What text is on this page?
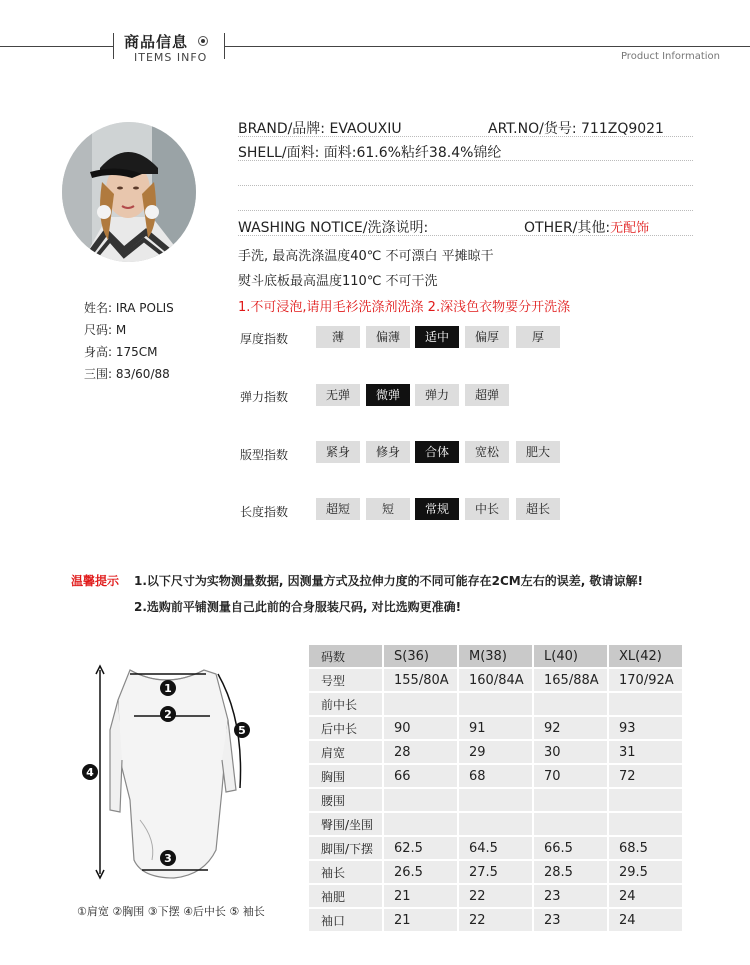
商品信息
ITEMS INFO	Product Information
姓名: IRA POLIS
尺码: M
身高: 175CM
三围: 83/60/88
BRAND/品牌: EVAOUXIU	ART.NO/货号: 711ZQ9021
SHELL/面料: 面料:61.6%粘纤38.4%锦纶
WASHING NOTICE/洗涤说明:	OTHER/其他:无配饰
手洗, 最高洗涤温度40℃ 不可漂白 平摊晾干
熨斗底板最高温度110℃ 不可干洗
1.不可浸泡,请用毛衫洗涤剂洗涤 2.深浅色衣物要分开洗涤
厚度指数	薄	偏薄	适中	偏厚	厚
弹力指数	无弹	微弹	弹力	超弹
版型指数	紧身	修身	合体	宽松	肥大
长度指数	超短	短	常规	中长	超长
温馨提示 1.以下尺寸为实物测量数据, 因测量方式及拉伸力度的不同可能存在2CM左右的误差, 敬请谅解!
2.选购前平铺测量自己此前的合身服装尺码, 对比选购更准确!
1
2
3
4
5
①肩宽 ②胸围 ③下摆 ④后中长 ⑤ 袖长
码数	S(36)	M(38)	L(40)	XL(42)
号型	155/80A	160/84A	165/88A	170/92A
前中长				
后中长	90	91	92	93
肩宽	28	29	30	31
胸围	66	68	70	72
腰围				
臀围/坐围				
脚围/下摆	62.5	64.5	66.5	68.5
袖长	26.5	27.5	28.5	29.5
袖肥	21	22	23	24
袖口	21	22	23	24
